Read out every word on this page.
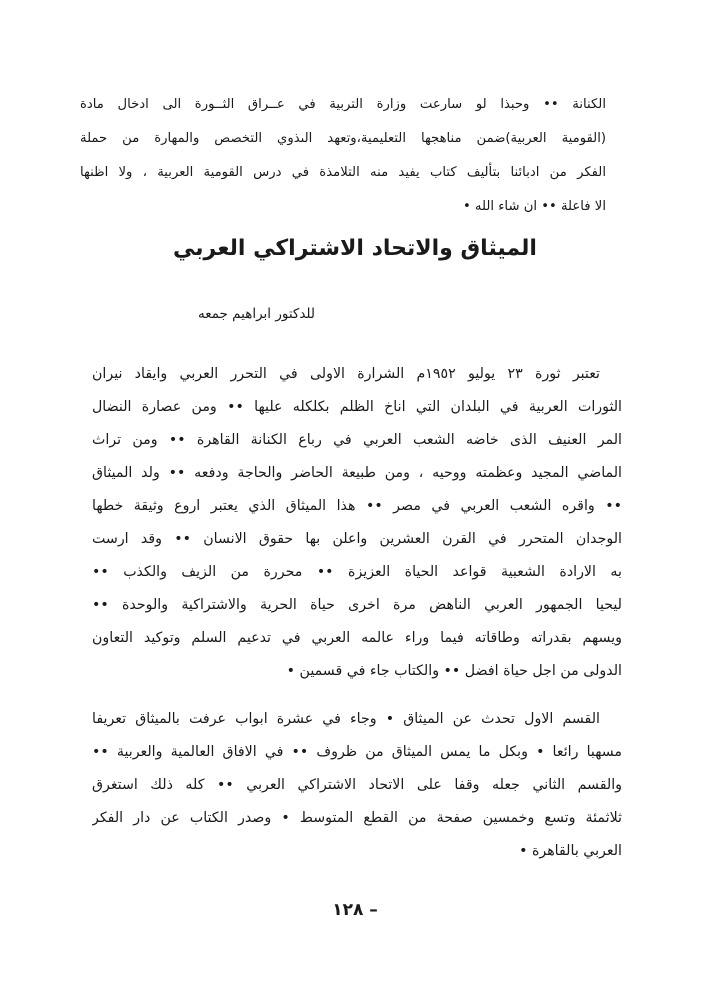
الكنانة •• وحبذا لو سارعت وزارة التربية في عــراق الثــورة الى ادخال مادة
(القومية العربية)ضمن مناهجها التعليمية،وتعهد الىذوي التخصص والمهارة من حملة
الفكر من ادبائنا بتأليف كتاب يفيد منه التلامذة في درس القومية العربية ، ولا اظنها
الا فاعلة •• ان شاء الله •
الميثاق والاتحاد الاشتراكي العربي
للدكتور ابراهيم جمعه
تعتبر ثورة ٢٣ يوليو ١٩٥٢م الشرارة الاولى في التحرر العربي وايقاد نيران
الثورات العربية في البلدان التي اناخ الظلم بكلكله عليها •• ومن عصارة النضال
المر العنيف الذى خاضه الشعب العربي في رباع الكنانة القاهرة •• ومن تراث
الماضي المجيد وعظمته ووحيه ، ومن طبيعة الحاضر والحاجة ودفعه •• ولد الميثاق
•• واقره الشعب العربي في مصر •• هذا الميثاق الذي يعتبر اروع وثيقة خطها
الوجدان المتحرر في القرن العشرين واعلن بها حقوق الانسان •• وقد ارست
به الارادة الشعبية قواعد الحياة العزيزة •• محررة من الزيف والكذب ••
ليحيا الجمهور العربي الناهض مرة اخرى حياة الحرية والاشتراكية والوحدة ••
ويسهم بقدراته وطاقاته فيما وراء عالمه العربي في تدعيم السلم وتوكيد التعاون
الدولى من اجل حياة افضل •• والكتاب جاء في قسمين •
القسم الاول تحدث عن الميثاق • وجاء في عشرة ابواب عرفت بالميثاق تعريفا
مسهبا رائعا • وبكل ما يمس الميثاق من ظروف •• في الافاق العالمية والعربية ••
والقسم الثاني جعله وقفا على الاتحاد الاشتراكي العربي •• كله ذلك استغرق
ثلاثمئة وتسع وخمسين صفحة من القطع المتوسط • وصدر الكتاب عن دار الفكر
العربي بالقاهرة •
– ١٢٨
